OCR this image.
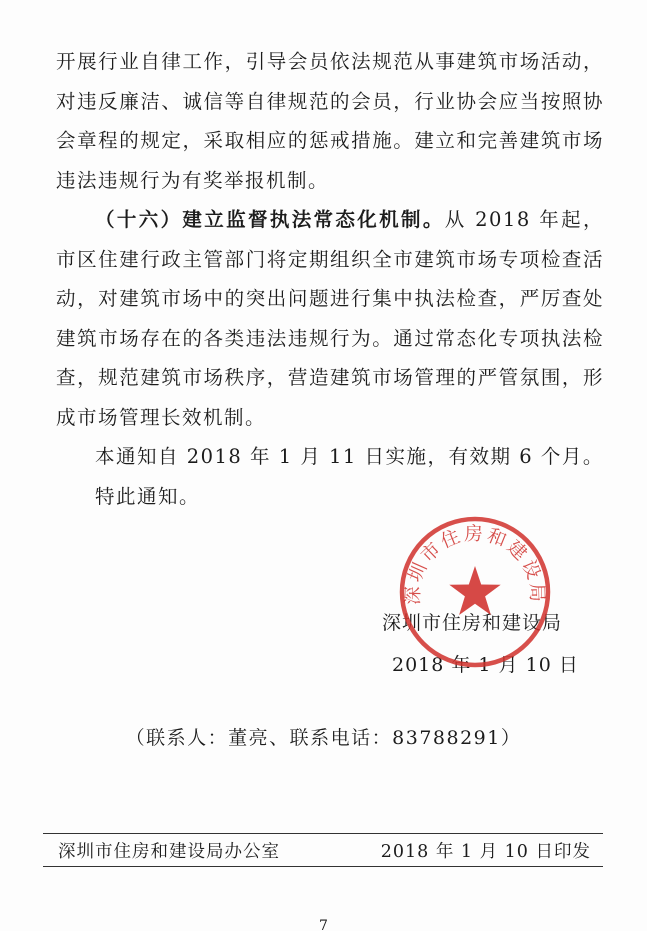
开展行业自律工作，引导会员依法规范从事建筑市场活动，对违反廉洁、诚信等自律规范的会员，行业协会应当按照协会章程的规定，采取相应的惩戒措施。建立和完善建筑市场违法违规行为有奖举报机制。

（十六）建立监督执法常态化机制。从 2018 年起，市区住建行政主管部门将定期组织全市建筑市场专项检查活动，对建筑市场中的突出问题进行集中执法检查，严厉查处建筑市场存在的各类违法违规行为。通过常态化专项执法检查，规范建筑市场秩序，营造建筑市场管理的严管氛围，形成市场管理长效机制。

本通知自 2018 年 1 月 11 日实施，有效期 6 个月。

特此通知。

深圳市住房和建设局
2018 年 1 月 10 日
深圳市住房和建设局
（联系人：董亮、联系电话：83788291）
深圳市住房和建设局办公室	2018 年 1 月 10 日印发
7
